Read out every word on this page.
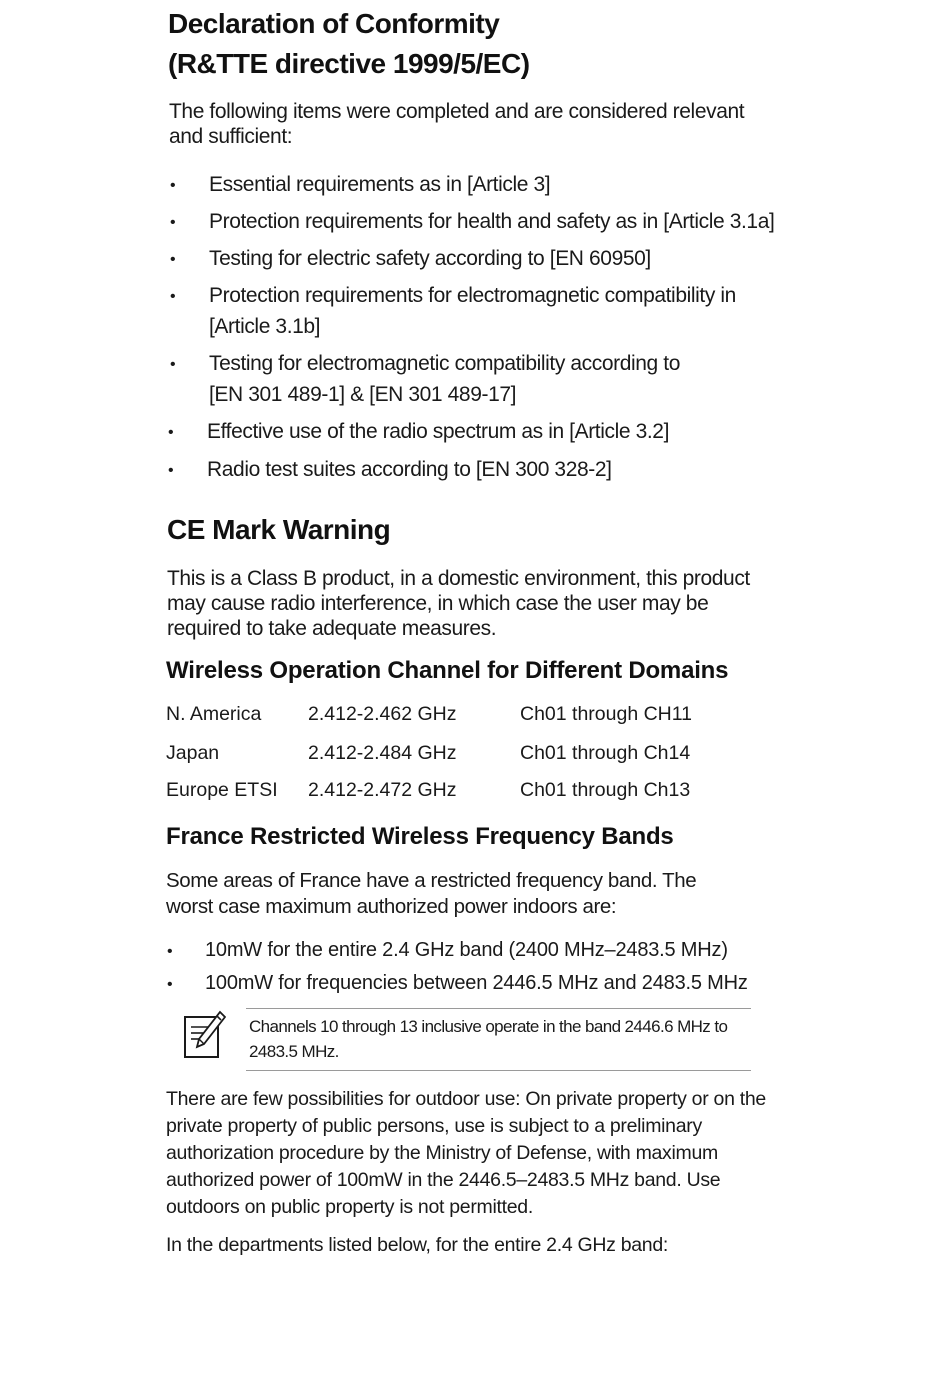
Declaration of Conformity
(R&TTE directive 1999/5/EC)
The following items were completed and are considered relevant and sufficient:
• Essential requirements as in [Article 3]
• Protection requirements for health and safety as in [Article 3.1a]
• Testing for electric safety according to [EN 60950]
• Protection requirements for electromagnetic compatibility in [Article 3.1b]
• Testing for electromagnetic compatibility according to [EN 301 489-1] & [EN 301 489-17]
• Effective use of the radio spectrum as in [Article 3.2]
• Radio test suites according to [EN 300 328-2]
CE Mark Warning
This is a Class B product, in a domestic environment, this product may cause radio interference, in which case the user may be required to take adequate measures.
Wireless Operation Channel for Different Domains
N. America 2.412-2.462 GHz	Ch01 through CH11
Japan	2.412-2.484 GHz	Ch01 through Ch14
Europe ETSI 2.412-2.472 GHz	Ch01 through Ch13
France Restricted Wireless Frequency Bands
Some areas of France have a restricted frequency band. The worst case maximum authorized power indoors are:
• 10mW for the entire 2.4 GHz band (2400 MHz–2483.5 MHz)
• 100mW for frequencies between 2446.5 MHz and 2483.5 MHz
Channels 10 through 13 inclusive operate in the band 2446.6 MHz to 2483.5 MHz.
There are few possibilities for outdoor use: On private property or on the private property of public persons, use is subject to a preliminary authorization procedure by the Ministry of Defense, with maximum authorized power of 100mW in the 2446.5–2483.5 MHz band. Use outdoors on public property is not permitted.
In the departments listed below, for the entire 2.4 GHz band:
